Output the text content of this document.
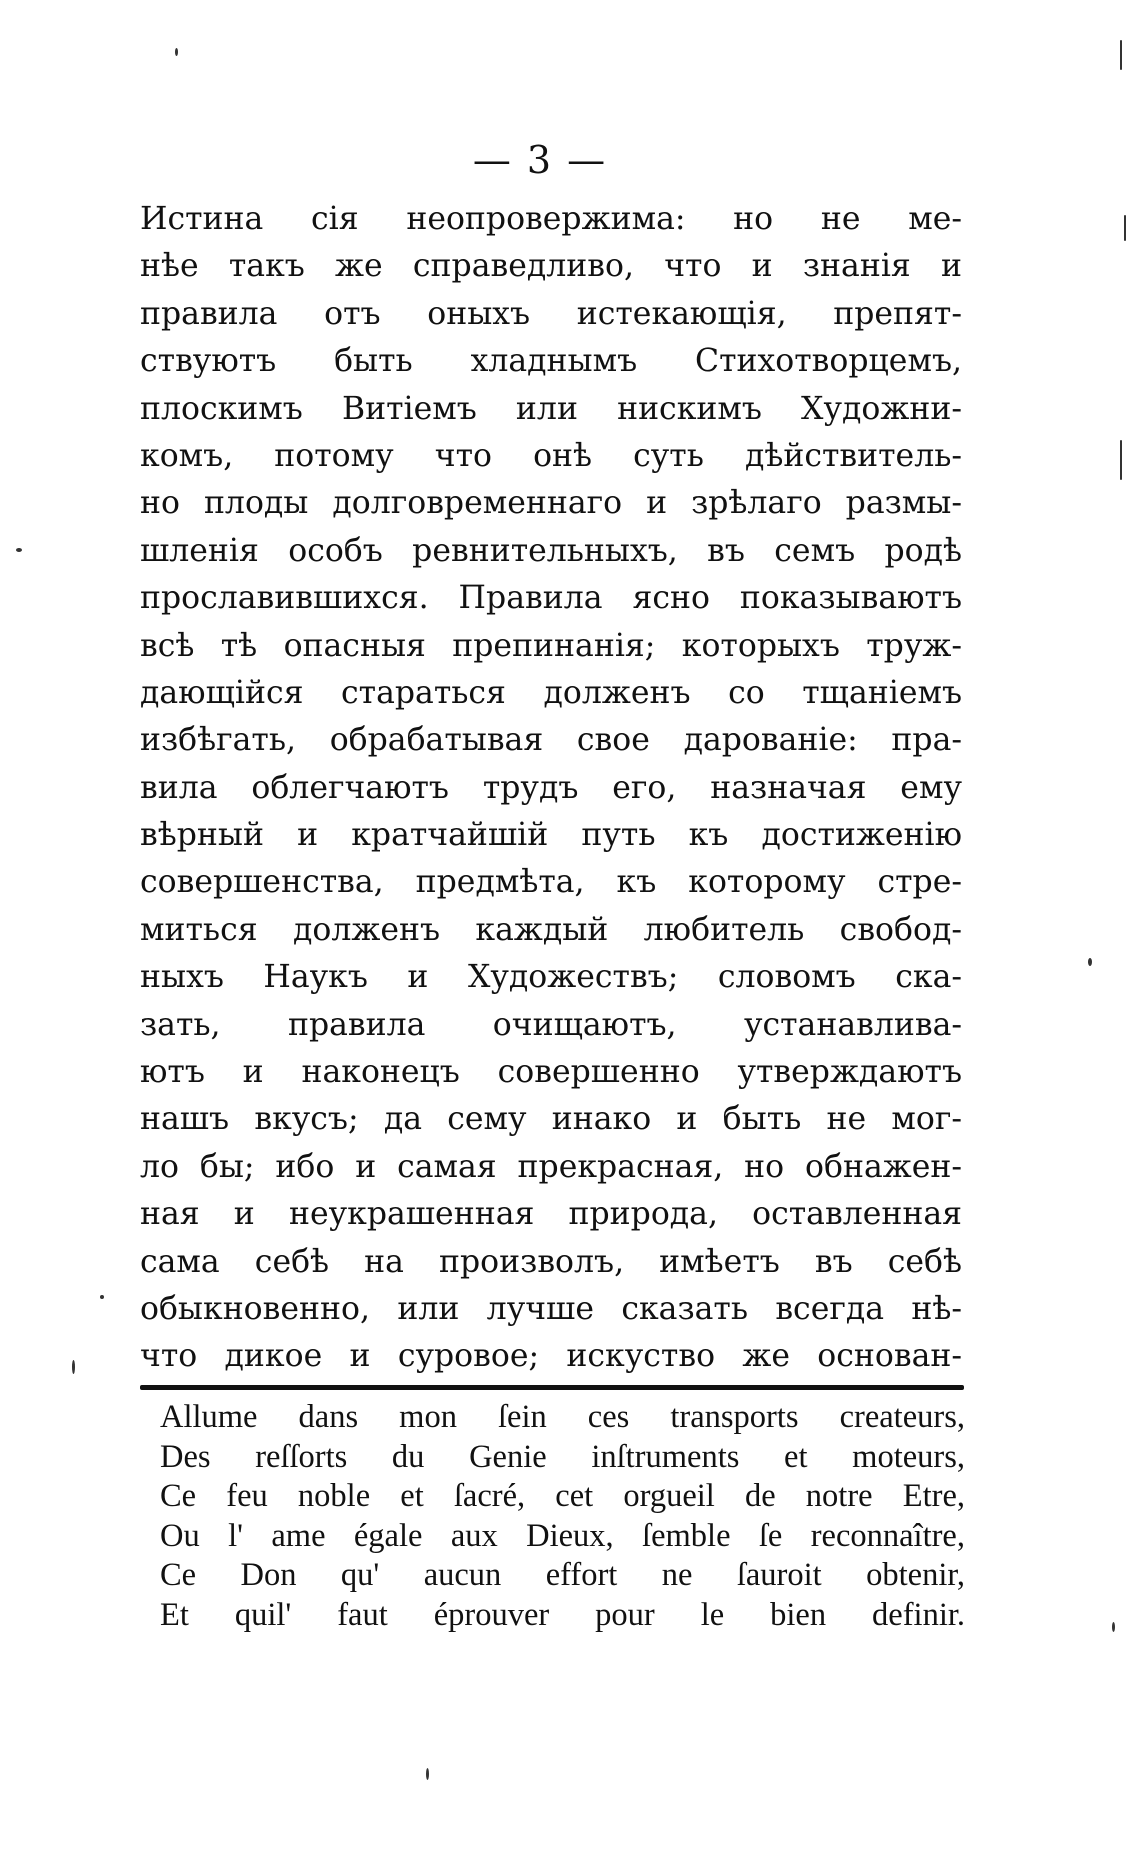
— 3 —
Истина сія неопровержима: но не ме-
нѣе такъ же справедливо, что и знанія и
правила отъ оныхъ истекающія, препят-
ствуютъ быть хладнымъ Стихотворцемъ,
плоскимъ Витіемъ или нискимъ Художни-
комъ, потому что онѣ суть дѣйствитель-
но плоды долговременнаго и зрѣлаго размы-
шленія особъ ревнительныхъ, въ семъ родѣ
прославившихся. Правила ясно показываютъ
всѣ тѣ опасныя препинанія; которыхъ труж-
дающійся стараться долженъ со тщаніемъ
избѣгать, обрабатывая свое дарованіе: пра-
вила облегчаютъ трудъ его, назначая ему
вѣрный и кратчайшій путь къ достиженію
совершенства, предмѣта, къ которому стре-
миться долженъ каждый любитель свобод-
ныхъ Наукъ и Художествъ; словомъ ска-
зать, правила очищаютъ, устанавлива-
ютъ и наконецъ совершенно утверждаютъ
нашъ вкусъ; да сему инако и быть не мог-
ло бы; ибо и самая прекрасная, но обнажен-
ная и неукрашенная природа, оставленная
сама себѣ на произволъ, имѣетъ въ себѣ
обыкновенно, или лучше сказать всегда нѣ-
что дикое и суровое; искуство же основан-
Allume dans mon ſein ces transports createurs,
Des reſſorts du Genie inſtruments et moteurs,
Ce feu noble et ſacré, cet orgueil de notre Etre,
Ou l' ame égale aux Dieux, ſemble ſe reconnaître,
Ce Don qu' aucun effort ne ſauroit obtenir,
Et quil' faut éprouver pour le bien definir.
